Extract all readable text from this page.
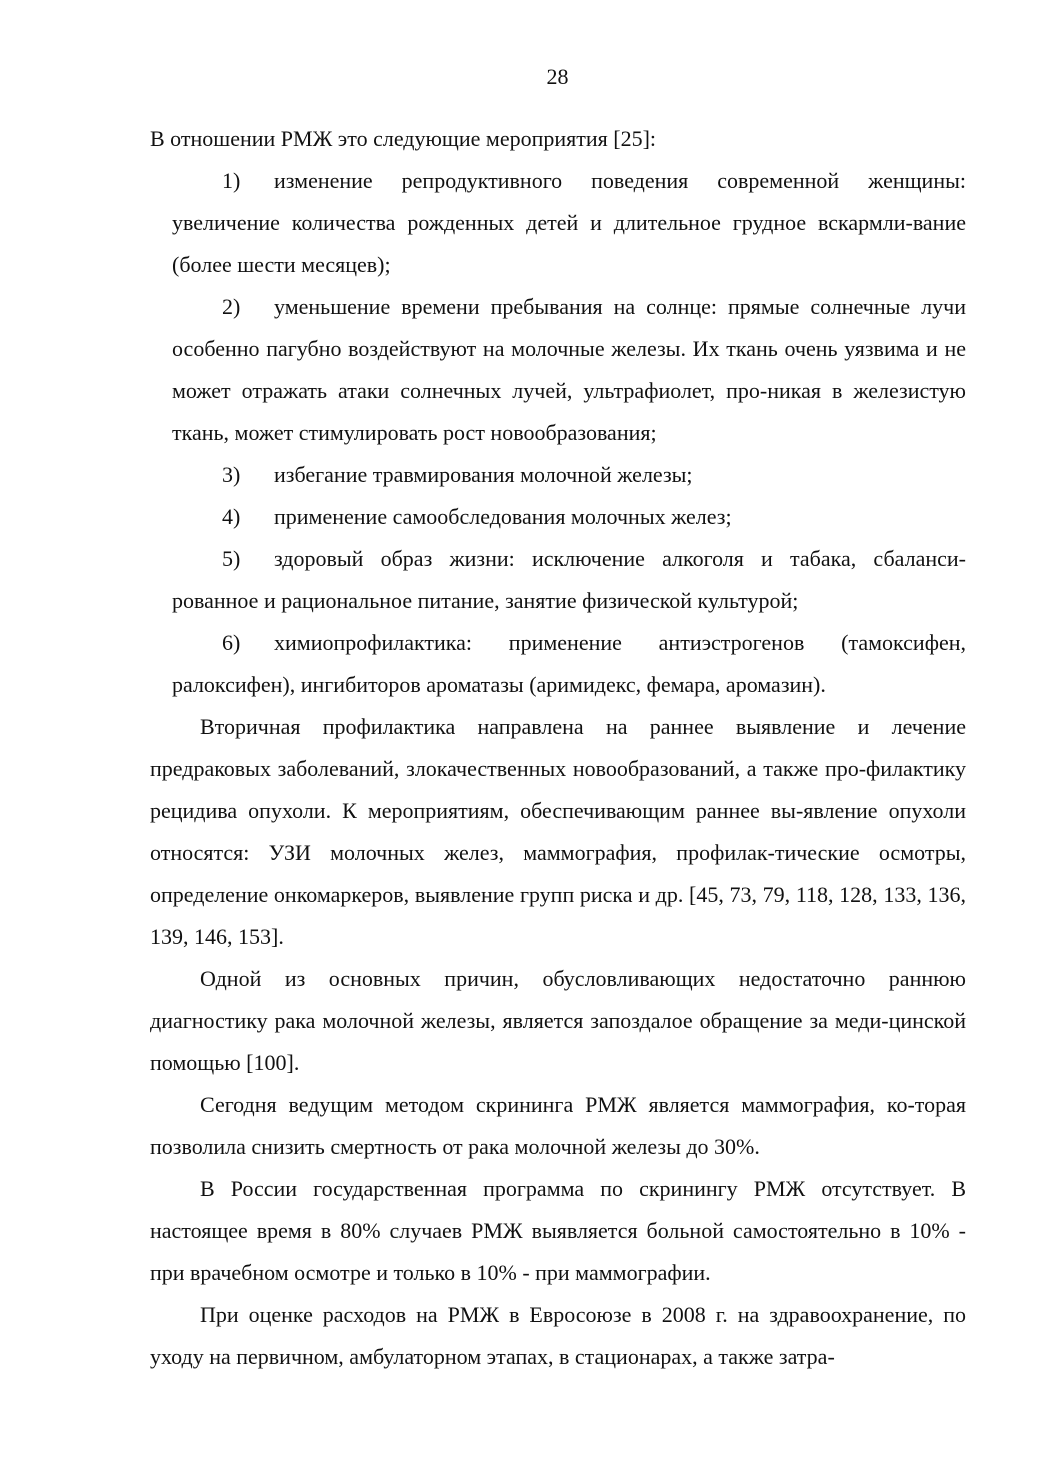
28

В отношении РМЖ это следующие мероприятия [25]:

1) изменение репродуктивного поведения современной женщины: увеличение количества рожденных детей и длительное грудное вскармли-вание (более шести месяцев);

2) уменьшение времени пребывания на солнце: прямые солнечные лучи особенно пагубно воздействуют на молочные железы. Их ткань очень уязвима и не может отражать атаки солнечных лучей, ультрафиолет, про-никая в железистую ткань, может стимулировать рост новообразования;

3) избегание травмирования молочной железы;

4) применение самообследования молочных желез;

5) здоровый образ жизни: исключение алкоголя и табака, сбаланси-рованное и рациональное питание, занятие физической культурой;

6) химиопрофилактика: применение антиэстрогенов (тамоксифен, ралоксифен), ингибиторов ароматазы (аримидекс, фемара, аромазин).

Вторичная профилактика направлена на раннее выявление и лечение предраковых заболеваний, злокачественных новообразований, а также про-филактику рецидива опухоли. К мероприятиям, обеспечивающим раннее вы-явление опухоли относятся: УЗИ молочных желез, маммография, профилак-тические осмотры, определение онкомаркеров, выявление групп риска и др. [45, 73, 79, 118, 128, 133, 136, 139, 146, 153].

Одной из основных причин, обусловливающих недостаточно раннюю диагностику рака молочной железы, является запоздалое обращение за меди-цинской помощью [100].

Сегодня ведущим методом скрининга РМЖ является маммография, ко-торая позволила снизить смертность от рака молочной железы до 30%.

В России государственная программа по скринингу РМЖ отсутствует. В настоящее время в 80% случаев РМЖ выявляется больной самостоятельно в 10% - при врачебном осмотре и только в 10% - при маммографии.

При оценке расходов на РМЖ в Евросоюзе в 2008 г. на здравоохранение, по уходу на первичном, амбулаторном этапах, в стационарах, а также затра-
